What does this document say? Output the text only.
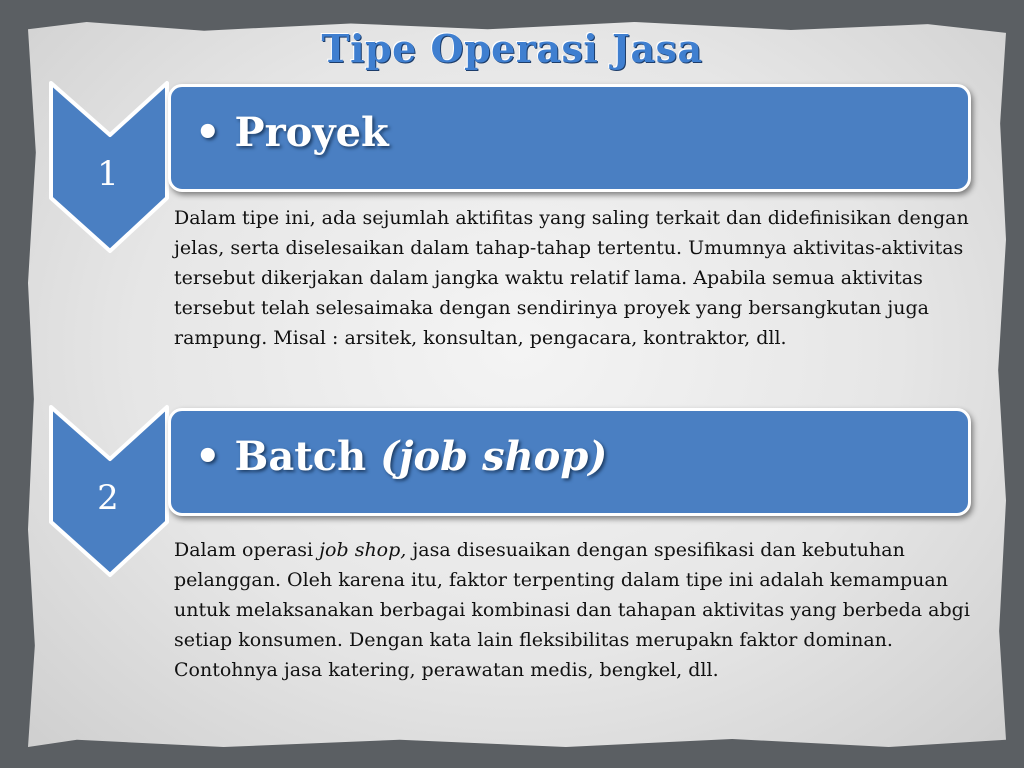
Tipe Operasi Jasa
1
• Proyek

Dalam tipe ini, ada sejumlah aktifitas yang saling terkait dan didefinisikan dengan jelas, serta diselesaikan dalam tahap-tahap tertentu. Umumnya aktivitas-aktivitas tersebut dikerjakan dalam jangka waktu relatif lama. Apabila semua aktivitas tersebut telah selesaimaka dengan sendirinya proyek yang bersangkutan juga rampung. Misal : arsitek, konsultan, pengacara, kontraktor, dll.

2
• Batch (job shop)

Dalam operasi job shop, jasa disesuaikan dengan spesifikasi dan kebutuhan pelanggan. Oleh karena itu, faktor terpenting dalam tipe ini adalah kemampuan untuk melaksanakan berbagai kombinasi dan tahapan aktivitas yang berbeda abgi setiap konsumen. Dengan kata lain fleksibilitas merupakn faktor dominan. Contohnya jasa katering, perawatan medis, bengkel, dll.
